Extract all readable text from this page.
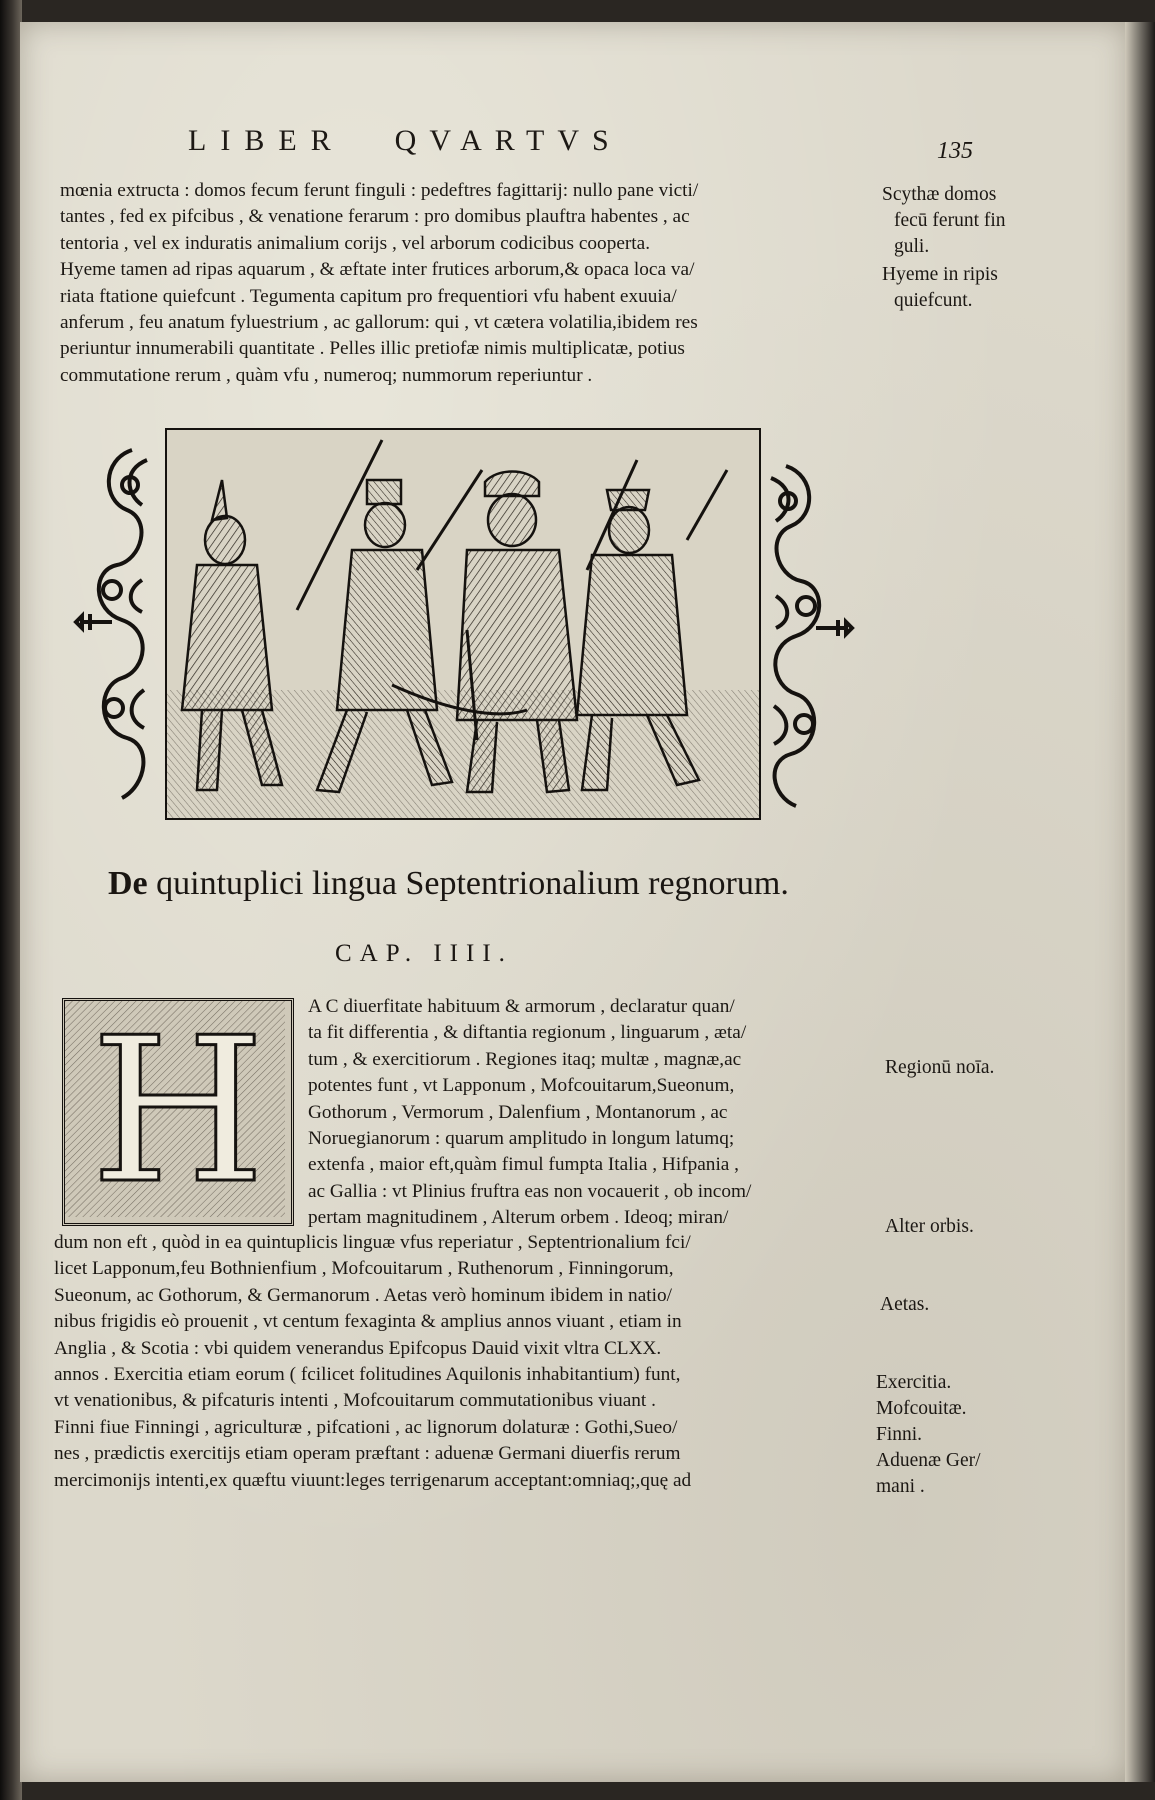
LIBER QVARTVS	135
mœnia extructa : domos fecum ferunt finguli : pedeftres fagittarij: nullo pane victi/
tantes , fed ex pifcibus , & venatione ferarum : pro domibus plauftra habentes , ac
tentoria , vel ex induratis animalium corijs , vel arborum codicibus cooperta.
Hyeme tamen ad ripas aquarum , & æftate inter frutices arborum,& opaca loca va/
riata ftatione quiefcunt . Tegumenta capitum pro frequentiori vfu habent exuuia/
anferum , feu anatum fyluestrium , ac gallorum: qui , vt cætera volatilia,ibidem res
periuntur innumerabili quantitate . Pelles illic pretiofæ nimis multiplicatæ, potius
commutatione rerum , quàm vfu , numeroq; nummorum reperiuntur .
Scythæ domos
fecū ferunt fin
guli.
Hyeme in ripis
quiefcunt.
De quintuplici lingua Septentrionalium regnorum.
CAP. IIII.
H	A C diuerfitate habituum & armorum , declaratur quan/
ta fit differentia , & diftantia regionum , linguarum , æta/
tum , & exercitiorum . Regiones itaq; multæ , magnæ,ac
potentes funt , vt Lapponum , Mofcouitarum,Sueonum,
Gothorum , Vermorum , Dalenfium , Montanorum , ac
Noruegianorum : quarum amplitudo in longum latumq;
extenfa , maior eft,quàm fimul fumpta Italia , Hifpania ,
ac Gallia : vt Plinius fruftra eas non vocauerit , ob incom/
pertam magnitudinem , Alterum orbem . Ideoq; miran/
dum non eft , quòd in ea quintuplicis linguæ vfus reperiatur , Septentrionalium fci/
licet Lapponum,feu Bothnienfium , Mofcouitarum , Ruthenorum , Finningorum,
Sueonum, ac Gothorum, & Germanorum . Aetas verò hominum ibidem in natio/
nibus frigidis eò prouenit , vt centum fexaginta & amplius annos viuant , etiam in
Anglia , & Scotia : vbi quidem venerandus Epifcopus Dauid vixit vltra CLXX.
annos . Exercitia etiam eorum ( fcilicet folitudines Aquilonis inhabitantium) funt,
vt venationibus, & pifcaturis intenti , Mofcouitarum commutationibus viuant .
Finni fiue Finningi , agriculturæ , pifcationi , ac lignorum dolaturæ : Gothi,Sueo/
nes , prædictis exercitijs etiam operam præftant : aduenæ Germani diuerfis rerum
mercimonijs intenti,ex quæftu viuunt:leges terrigenarum acceptant:omniaq;,quę ad
Regionū noīa.
Alter orbis.
Aetas.
Exercitia.
Mofcouitæ.
Finni.
Aduenæ Ger/
mani .
